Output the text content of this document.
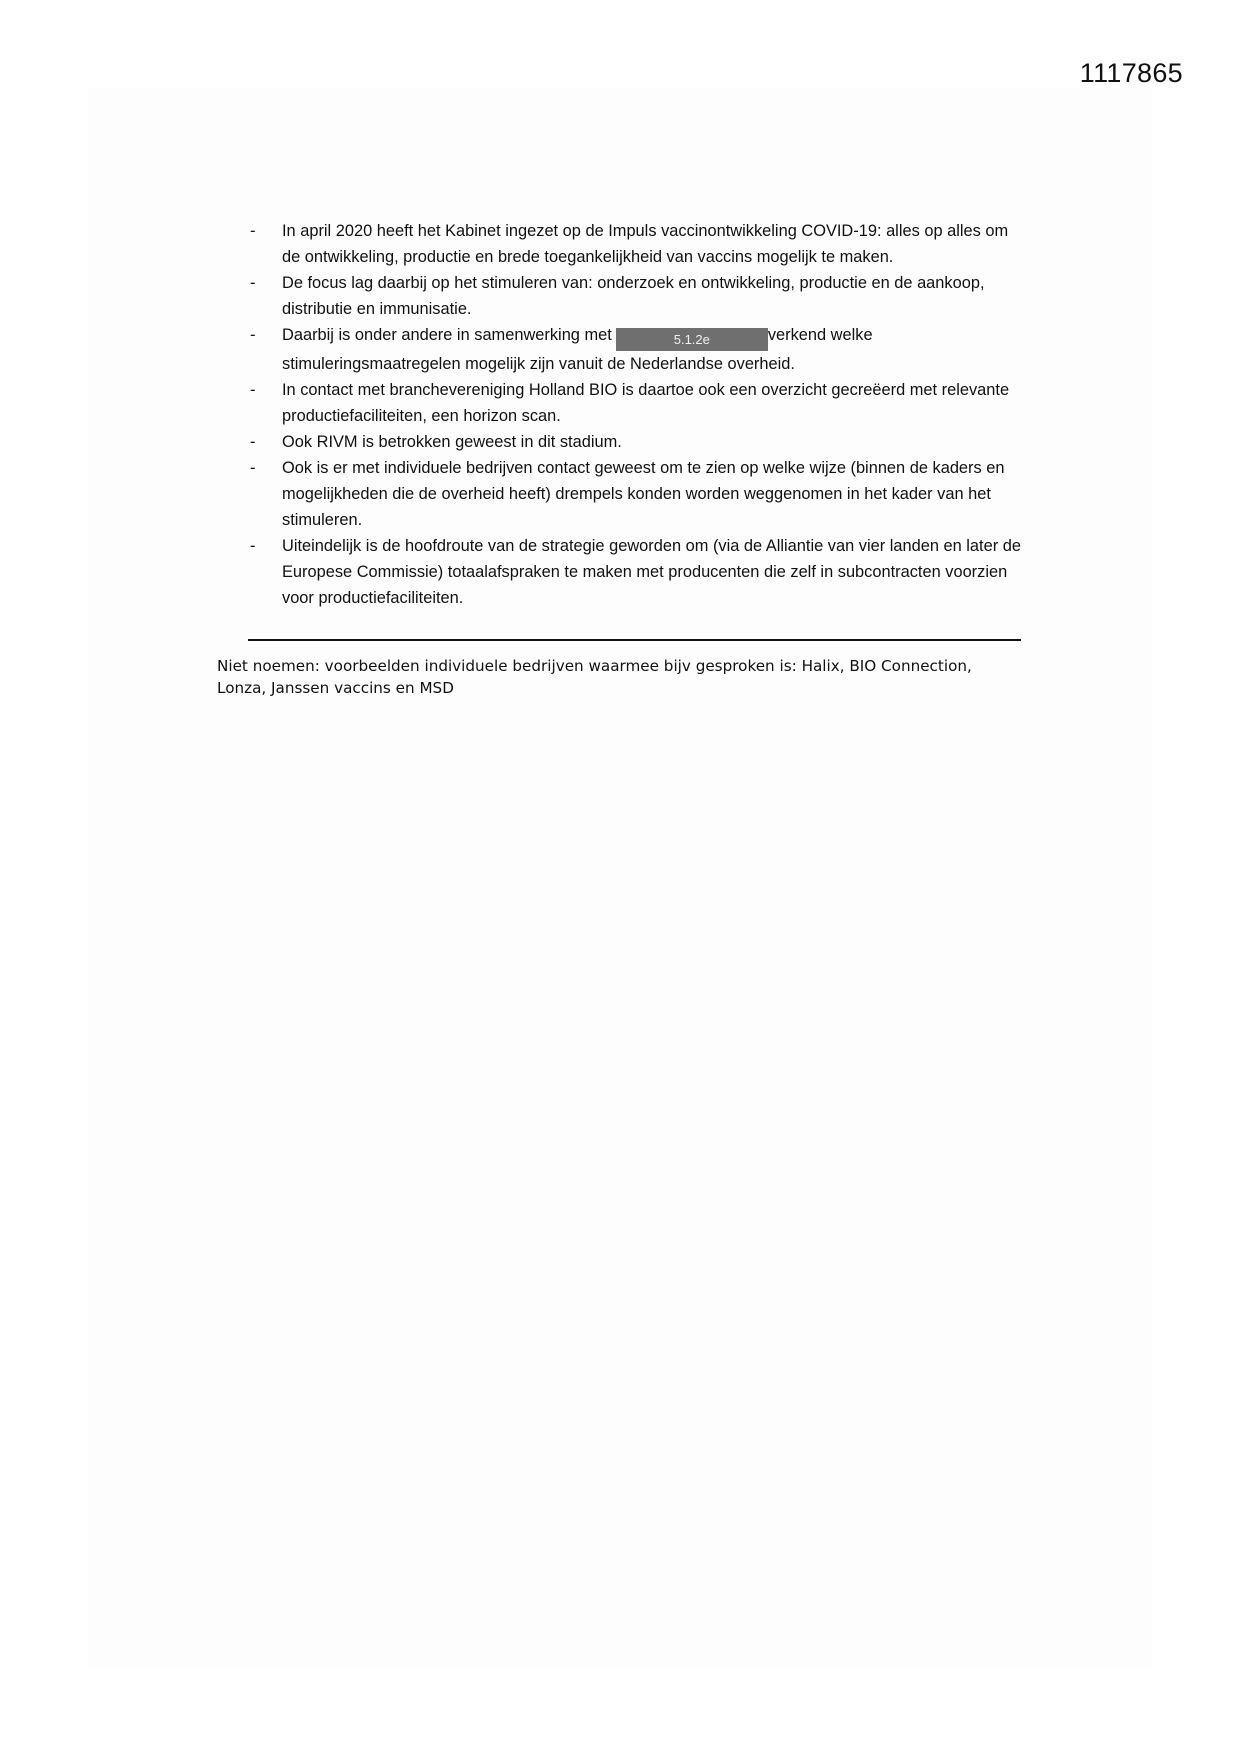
1117865
- In april 2020 heeft het Kabinet ingezet op de Impuls vaccinontwikkeling COVID-19: alles op alles om de ontwikkeling, productie en brede toegankelijkheid van vaccins mogelijk te maken.
- De focus lag daarbij op het stimuleren van: onderzoek en ontwikkeling, productie en de aankoop, distributie en immunisatie.
- Daarbij is onder andere in samenwerking met	5.1.2e	verkend welke stimuleringsmaatregelen mogelijk zijn vanuit de Nederlandse overheid.
- In contact met branchevereniging Holland BIO is daartoe ook een overzicht gecreëerd met relevante productiefaciliteiten, een horizon scan.
- Ook RIVM is betrokken geweest in dit stadium.
- Ook is er met individuele bedrijven contact geweest om te zien op welke wijze (binnen de kaders en mogelijkheden die de overheid heeft) drempels konden worden weggenomen in het kader van het stimuleren.
- Uiteindelijk is de hoofdroute van de strategie geworden om (via de Alliantie van vier landen en later de Europese Commissie) totaalafspraken te maken met producenten die zelf in subcontracten voorzien voor productiefaciliteiten.
Niet noemen: voorbeelden individuele bedrijven waarmee bijv gesproken is: Halix, BIO Connection, Lonza, Janssen vaccins en MSD
